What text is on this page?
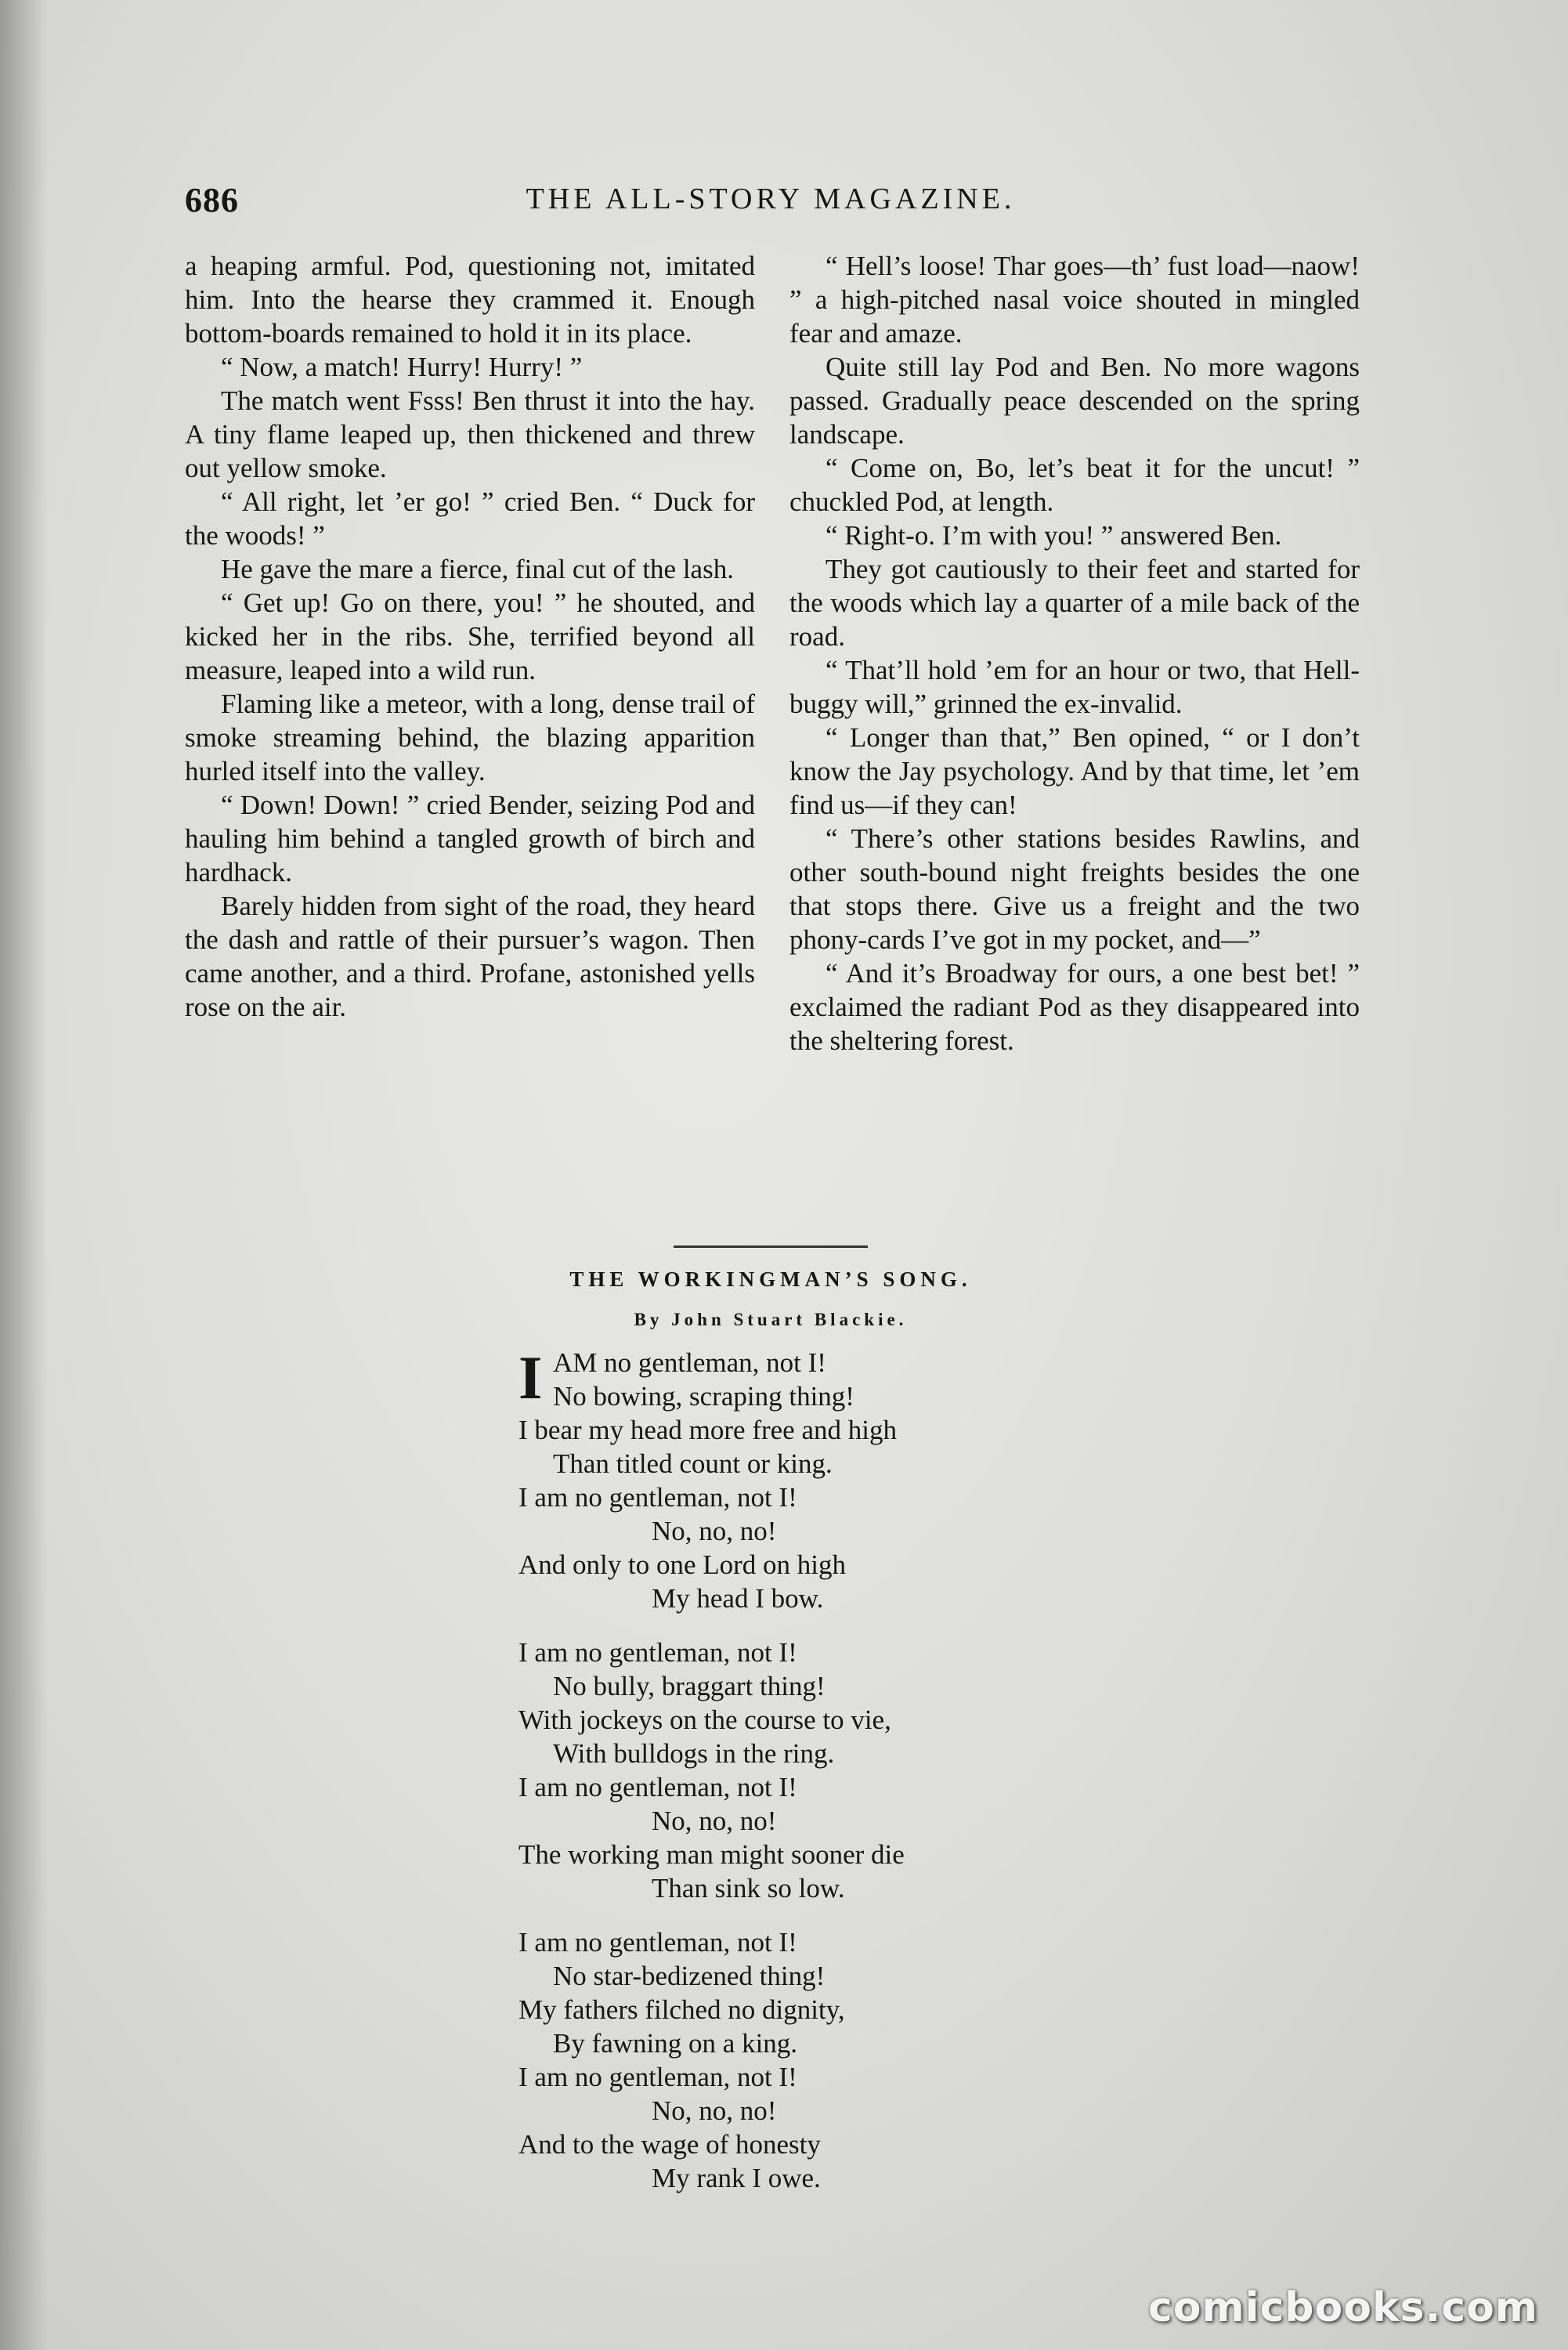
686	THE ALL-STORY MAGAZINE.

a heaping armful. Pod, questioning not, imitated him. Into the hearse they crammed it. Enough bottom-boards remained to hold it in its place.

“ Now, a match! Hurry! Hurry! ”

The match went Fsss! Ben thrust it into the hay. A tiny flame leaped up, then thickened and threw out yellow smoke.

“ All right, let ’er go! ” cried Ben. “ Duck for the woods! ”

He gave the mare a fierce, final cut of the lash.

“ Get up! Go on there, you! ” he shouted, and kicked her in the ribs. She, terrified beyond all measure, leaped into a wild run.

Flaming like a meteor, with a long, dense trail of smoke streaming behind, the blazing apparition hurled itself into the valley.

“ Down! Down! ” cried Bender, seizing Pod and hauling him behind a tangled growth of birch and hardhack.

Barely hidden from sight of the road, they heard the dash and rattle of their pursuer’s wagon. Then came another, and a third. Profane, astonished yells rose on the air.

“ Hell’s loose! Thar goes—th’ fust load—naow! ” a high-pitched nasal voice shouted in mingled fear and amaze.

Quite still lay Pod and Ben. No more wagons passed. Gradually peace descended on the spring landscape.

“ Come on, Bo, let’s beat it for the uncut! ” chuckled Pod, at length.

“ Right-o. I’m with you! ” answered Ben.

They got cautiously to their feet and started for the woods which lay a quarter of a mile back of the road.

“ That’ll hold ’em for an hour or two, that Hell-buggy will,” grinned the ex-invalid.

“ Longer than that,” Ben opined, “ or I don’t know the Jay psychology. And by that time, let ’em find us—if they can!

“ There’s other stations besides Rawlins, and other south-bound night freights besides the one that stops there. Give us a freight and the two phony-cards I’ve got in my pocket, and—”

“ And it’s Broadway for ours, a one best bet! ” exclaimed the radiant Pod as they disappeared into the sheltering forest.

THE WORKINGMAN’S SONG.
By John Stuart Blackie.
I AM no gentleman, not I!
No bowing, scraping thing!
I bear my head more free and high
Than titled count or king.
I am no gentleman, not I!
No, no, no!
And only to one Lord on high
My head I bow.
I am no gentleman, not I!
No bully, braggart thing!
With jockeys on the course to vie,
With bulldogs in the ring.
I am no gentleman, not I!
No, no, no!
The working man might sooner die
Than sink so low.
I am no gentleman, not I!
No star-bedizened thing!
My fathers filched no dignity,
By fawning on a king.
I am no gentleman, not I!
No, no, no!
And to the wage of honesty
My rank I owe.
comicbooks.com
